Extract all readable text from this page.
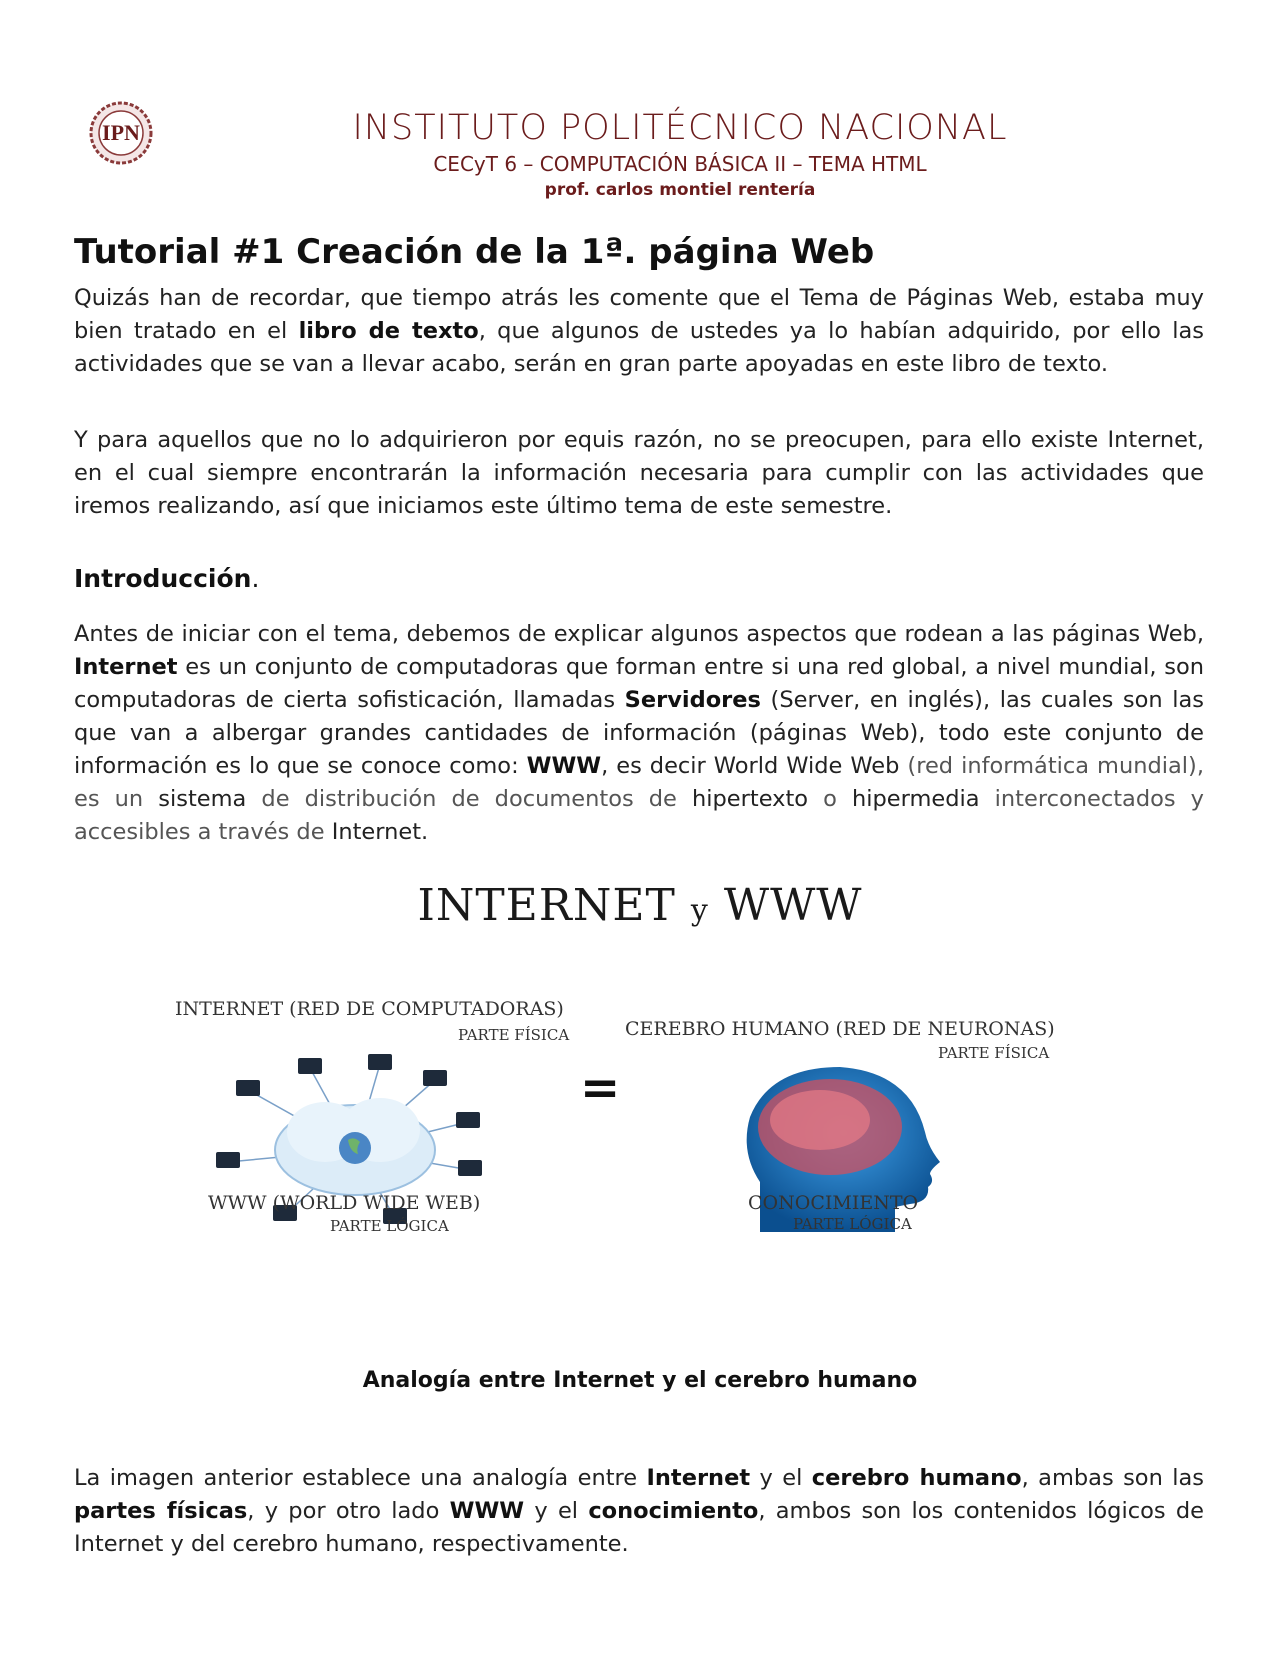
IPN	INSTITUTO POLITÉCNICO NACIONAL
CECyT 6 – COMPUTACIÓN BÁSICA II – TEMA HTML
prof. carlos montiel rentería
Tutorial #1 Creación de la 1ª. página Web

Quizás han de recordar, que tiempo atrás les comente que el Tema de Páginas Web, estaba muy bien tratado en el libro de texto, que algunos de ustedes ya lo habían adquirido, por ello las actividades que se van a llevar acabo, serán en gran parte apoyadas en este libro de texto.

Y para aquellos que no lo adquirieron por equis razón, no se preocupen, para ello existe Internet, en el cual siempre encontrarán la información necesaria para cumplir con las actividades que iremos realizando, así que iniciamos este último tema de este semestre.

Introducción.

Antes de iniciar con el tema, debemos de explicar algunos aspectos que rodean a las páginas Web, Internet es un conjunto de computadoras que forman entre si una red global, a nivel mundial, son computadoras de cierta sofisticación, llamadas Servidores (Server, en inglés), las cuales son las que van a albergar grandes cantidades de información (páginas Web), todo este conjunto de información es lo que se conoce como: WWW, es decir World Wide Web (red informática mundial), es un sistema de distribución de documentos de hipertexto o hipermedia interconectados y accesibles a través de Internet.

INTERNET y WWW
INTERNET (RED DE COMPUTADORAS)
PARTE FÍSICA
WWW (WORLD WIDE WEB)
PARTE LÓGICA
=
CEREBRO HUMANO (RED DE NEURONAS)
PARTE FÍSICA
CONOCIMIENTO
PARTE LÓGICA
Analogía entre Internet y el cerebro humano

La imagen anterior establece una analogía entre Internet y el cerebro humano, ambas son las partes físicas, y por otro lado WWW y el conocimiento, ambos son los contenidos lógicos de Internet y del cerebro humano, respectivamente.
